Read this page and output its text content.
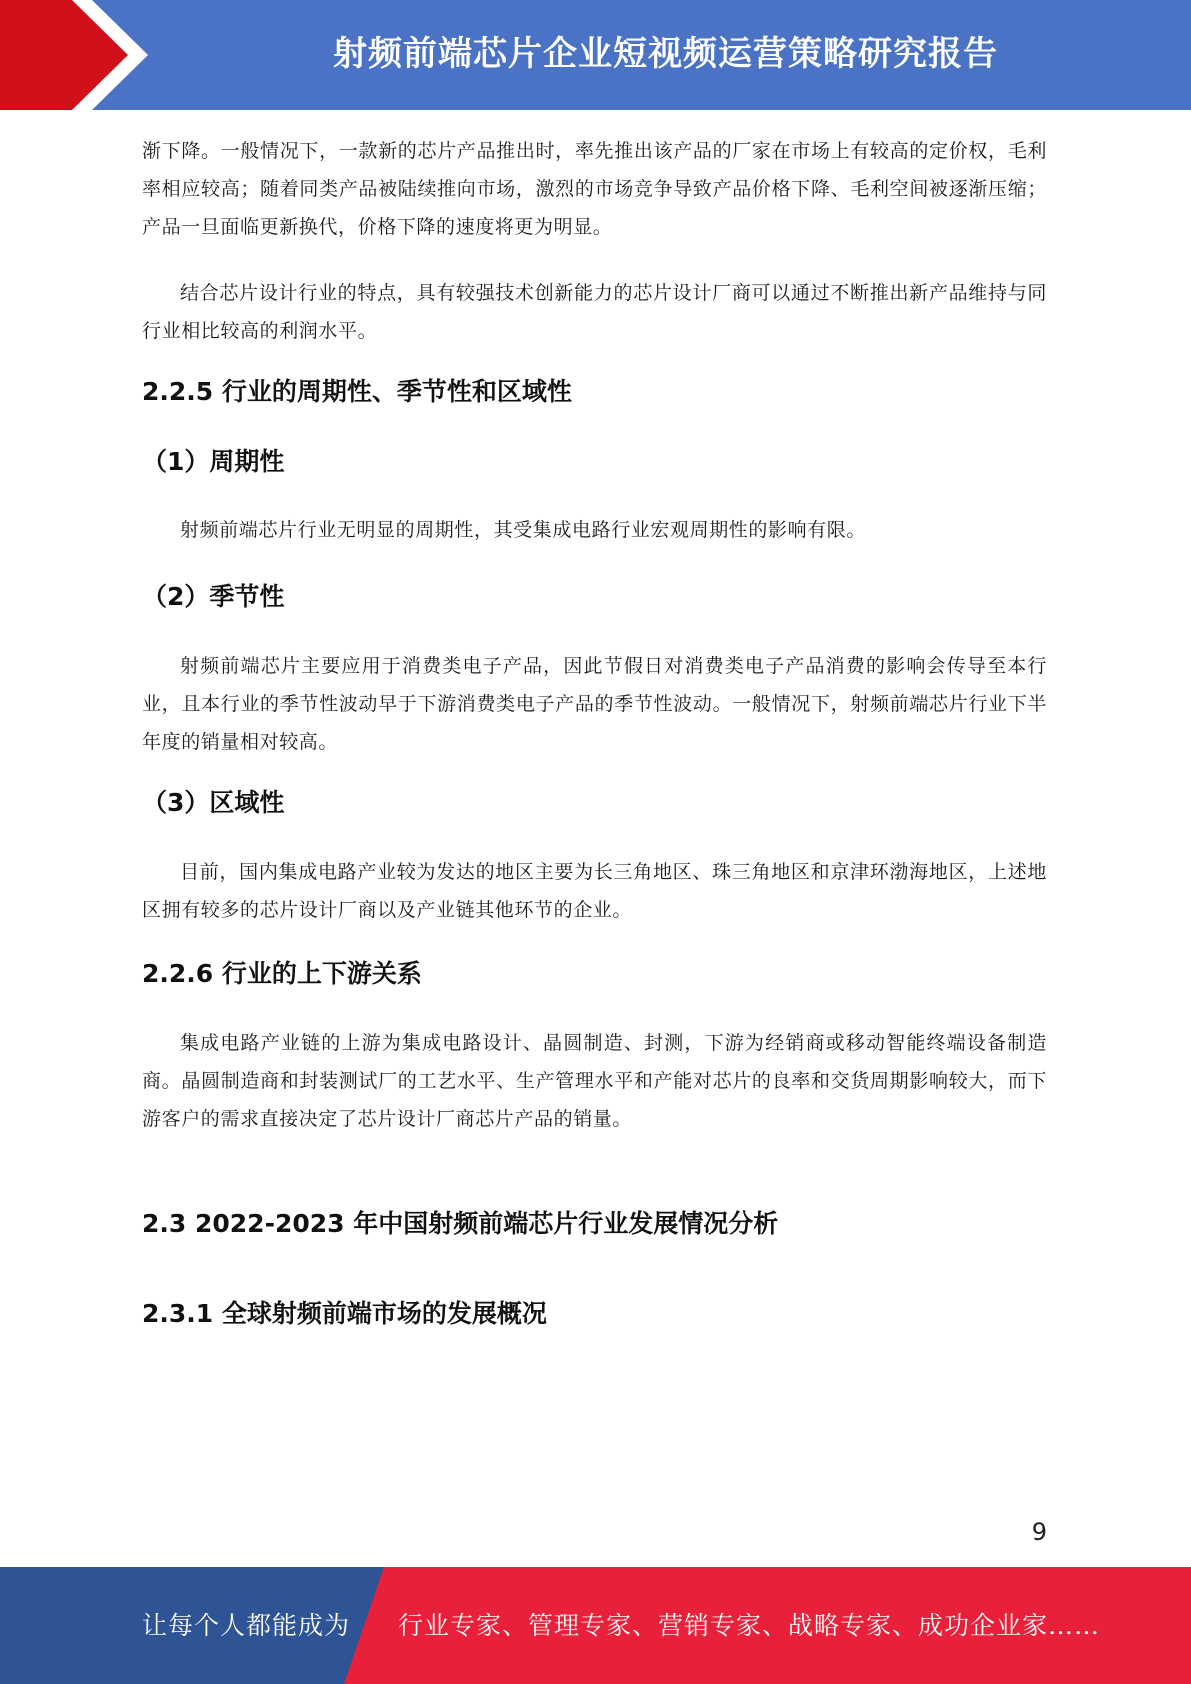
射频前端芯片企业短视频运营策略研究报告

渐下降。一般情况下，一款新的芯片产品推出时，率先推出该产品的厂家在市场上有较高的定价权，毛利率相应较高；随着同类产品被陆续推向市场，激烈的市场竞争导致产品价格下降、毛利空间被逐渐压缩；产品一旦面临更新换代，价格下降的速度将更为明显。

结合芯片设计行业的特点，具有较强技术创新能力的芯片设计厂商可以通过不断推出新产品维持与同行业相比较高的利润水平。

2.2.5 行业的周期性、季节性和区域性
（1）周期性

射频前端芯片行业无明显的周期性，其受集成电路行业宏观周期性的影响有限。

（2）季节性

射频前端芯片主要应用于消费类电子产品，因此节假日对消费类电子产品消费的影响会传导至本行业，且本行业的季节性波动早于下游消费类电子产品的季节性波动。一般情况下，射频前端芯片行业下半年度的销量相对较高。

（3）区域性

目前，国内集成电路产业较为发达的地区主要为长三角地区、珠三角地区和京津环渤海地区，上述地区拥有较多的芯片设计厂商以及产业链其他环节的企业。

2.2.6 行业的上下游关系

集成电路产业链的上游为集成电路设计、晶圆制造、封测，下游为经销商或移动智能终端设备制造商。晶圆制造商和封装测试厂的工艺水平、生产管理水平和产能对芯片的良率和交货周期影响较大，而下游客户的需求直接决定了芯片设计厂商芯片产品的销量。

2.3 2022-2023 年中国射频前端芯片行业发展情况分析
2.3.1 全球射频前端市场的发展概况
9
让每个人都能成为 行业专家、管理专家、营销专家、战略专家、成功企业家……
